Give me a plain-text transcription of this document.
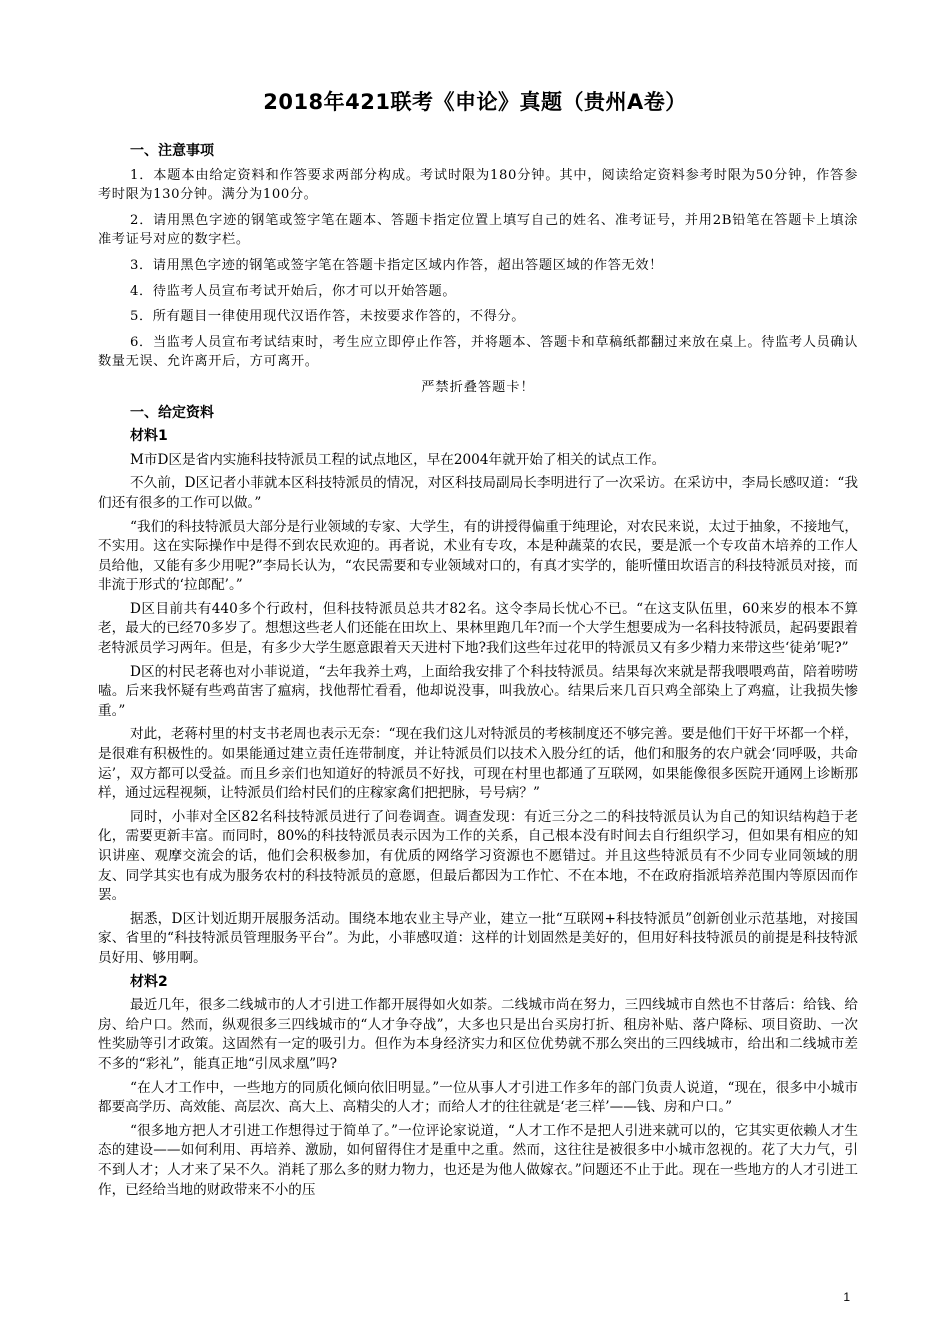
2018年421联考《申论》真题（贵州A卷）
一、注意事项

1．本题本由给定资料和作答要求两部分构成。考试时限为180分钟。其中，阅读给定资料参考时限为50分钟，作答参考时限为130分钟。满分为100分。

2．请用黑色字迹的钢笔或签字笔在题本、答题卡指定位置上填写自己的姓名、准考证号，并用2B铅笔在答题卡上填涂准考证号对应的数字栏。

3．请用黑色字迹的钢笔或签字笔在答题卡指定区域内作答，超出答题区域的作答无效！

4．待监考人员宣布考试开始后，你才可以开始答题。

5．所有题目一律使用现代汉语作答，未按要求作答的，不得分。

6．当监考人员宣布考试结束时，考生应立即停止作答，并将题本、答题卡和草稿纸都翻过来放在桌上。待监考人员确认数量无误、允许离开后，方可离开。

严禁折叠答题卡！
一、给定资料
材料1

M市D区是省内实施科技特派员工程的试点地区，早在2004年就开始了相关的试点工作。

不久前，D区记者小菲就本区科技特派员的情况，对区科技局副局长李明进行了一次采访。在采访中，李局长感叹道：“我们还有很多的工作可以做。”

“我们的科技特派员大部分是行业领域的专家、大学生，有的讲授得偏重于纯理论，对农民来说，太过于抽象，不接地气，不实用。这在实际操作中是得不到农民欢迎的。再者说，术业有专攻，本是种蔬菜的农民，要是派一个专攻苗木培养的工作人员给他，又能有多少用呢?”李局长认为，“农民需要和专业领域对口的，有真才实学的，能听懂田坎语言的科技特派员对接，而非流于形式的‘拉郎配’。”

D区目前共有440多个行政村，但科技特派员总共才82名。这令李局长忧心不已。“在这支队伍里，60来岁的根本不算老，最大的已经70多岁了。想想这些老人们还能在田坎上、果林里跑几年?而一个大学生想要成为一名科技特派员，起码要跟着老特派员学习两年。但是，有多少大学生愿意跟着天天进村下地?我们这些年过花甲的特派员又有多少精力来带这些‘徒弟’呢?”

D区的村民老蒋也对小菲说道，“去年我养土鸡，上面给我安排了个科技特派员。结果每次来就是帮我喂喂鸡苗，陪着唠唠嗑。后来我怀疑有些鸡苗害了瘟病，找他帮忙看看，他却说没事，叫我放心。结果后来几百只鸡全部染上了鸡瘟，让我损失惨重。”

对此，老蒋村里的村支书老周也表示无奈：“现在我们这儿对特派员的考核制度还不够完善。要是他们干好干坏都一个样，是很难有积极性的。如果能通过建立责任连带制度，并让特派员们以技术入股分红的话，他们和服务的农户就会‘同呼吸，共命运’，双方都可以受益。而且乡亲们也知道好的特派员不好找，可现在村里也都通了互联网，如果能像很多医院开通网上诊断那样，通过远程视频，让特派员们给村民们的庄稼家禽们把把脉，号号病？”

同时，小菲对全区82名科技特派员进行了问卷调查。调查发现：有近三分之二的科技特派员认为自己的知识结构趋于老化，需要更新丰富。而同时，80%的科技特派员表示因为工作的关系，自己根本没有时间去自行组织学习，但如果有相应的知识讲座、观摩交流会的话，他们会积极参加，有优质的网络学习资源也不愿错过。并且这些特派员有不少同专业同领域的朋友、同学其实也有成为服务农村的科技特派员的意愿，但最后都因为工作忙、不在本地，不在政府指派培养范围内等原因而作罢。

据悉，D区计划近期开展服务活动。围绕本地农业主导产业，建立一批“互联网+科技特派员”创新创业示范基地，对接国家、省里的“科技特派员管理服务平台”。为此，小菲感叹道：这样的计划固然是美好的，但用好科技特派员的前提是科技特派员好用、够用啊。

材料2

最近几年，很多二线城市的人才引进工作都开展得如火如荼。二线城市尚在努力，三四线城市自然也不甘落后：给钱、给房、给户口。然而，纵观很多三四线城市的“人才争夺战”，大多也只是出台买房打折、租房补贴、落户降标、项目资助、一次性奖励等引才政策。这固然有一定的吸引力。但作为本身经济实力和区位优势就不那么突出的三四线城市，给出和二线城市差不多的“彩礼”，能真正地“引凤求凰”吗?

“在人才工作中，一些地方的同质化倾向依旧明显。”一位从事人才引进工作多年的部门负责人说道，“现在，很多中小城市都要高学历、高效能、高层次、高大上、高精尖的人才；而给人才的往往就是‘老三样’——钱、房和户口。”

“很多地方把人才引进工作想得过于简单了。”一位评论家说道，“人才工作不是把人引进来就可以的，它其实更依赖人才生态的建设——如何利用、再培养、激励，如何留得住才是重中之重。然而，这往往是被很多中小城市忽视的。花了大力气，引不到人才；人才来了呆不久。消耗了那么多的财力物力，也还是为他人做嫁衣。”问题还不止于此。现在一些地方的人才引进工作，已经给当地的财政带来不小的压

1
